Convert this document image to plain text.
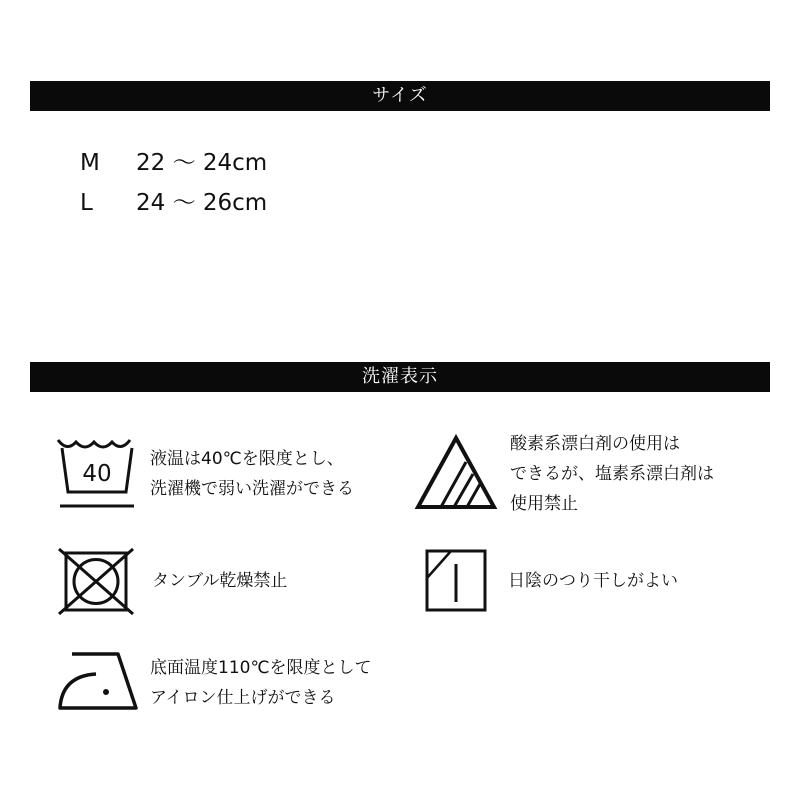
サイズ
M	22 〜 24cm
L	24 〜 26cm
洗濯表示
40
液温は40℃を限度とし、
洗濯機で弱い洗濯ができる
酸素系漂白剤の使用は
できるが、塩素系漂白剤は
使用禁止
タンブル乾燥禁止	日陰のつり干しがよい
底面温度110℃を限度として
アイロン仕上げができる
